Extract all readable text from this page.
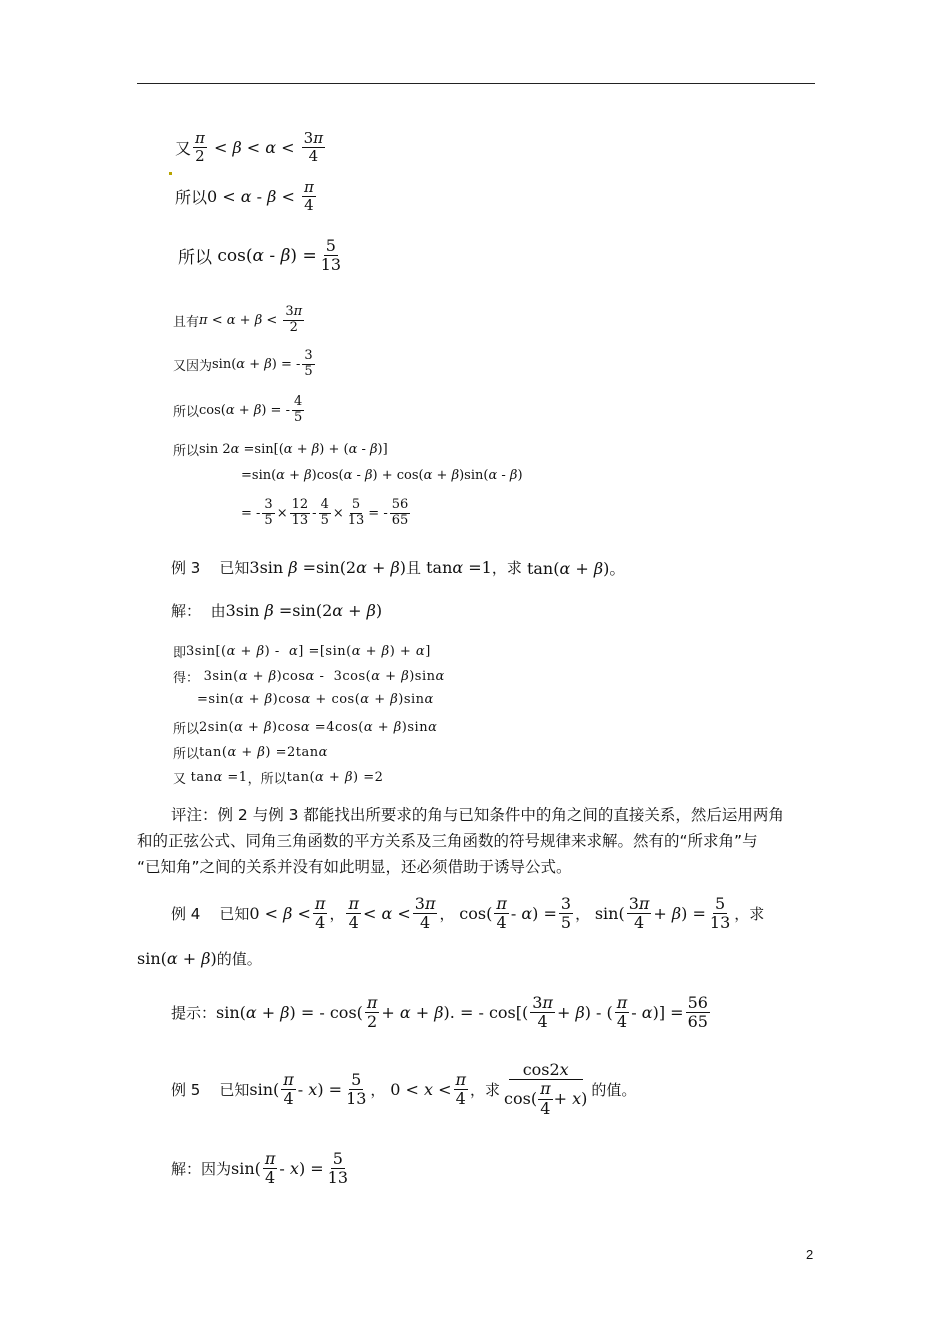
又 $\frac{\pi}{2} < \beta < \alpha < \frac{3\pi}{4}$
所以 $0 < \alpha - \beta < \frac{\pi}{4}$
所以 $\cos(\alpha - \beta) = \frac{5}{13}$
且有 $\pi < \alpha + \beta < \frac{3\pi}{2}$
又因为 sin(α + β) = - $\frac{3}{5}$
所以 cos(α + β) = - $\frac{4}{5}$
所以 sin 2α =sin[(α + β) + (α - β)]
=sin(α + β)cos(α - β) + cos(α + β)sin(α - β)
= - $\frac{3}{5} \times \frac{12}{13} - \frac{4}{5} \times \frac{5}{13}$ = - $\frac{56}{65}$
例 3
已知 3sin β =sin(2α + β) 且 tanα =1 ，求 tan(α + β)。
解：
由 3sin β =sin(2α + β)
即 3sin[(α + β) -  α] =[sin(α + β) + α]
得： 3sin(α + β)cosα -  3cos(α + β)sinα
=sin(α + β)cosα + cos(α + β)sinα
所以 2sin(α + β)cosα =4cos(α + β)sinα
所以 tan(α + β) =2tanα
又 tanα =1 ，所以 tan(α + β) =2
评注：例 2 与例 3 都能找出所要求的角与已知条件中的角之间的直接关系，然后运用两角
和的正弦公式、同角三角函数的平方关系及三角函数的符号规律来求解。然有的“所求角”与
“已知角”之间的关系并没有如此明显，还必须借助于诱导公式。
例 4
已知 $0 < \beta < \frac{\pi}{4}$ ， $\frac{\pi}{4} < \alpha < \frac{3\pi}{4}$ ， $\cos( \frac{\pi}{4} - \alpha) = \frac{3}{5}$ ， $\sin( \frac{3\pi}{4} + \beta) = \frac{5}{13}$ ，求
sin(α + β) 的值。
提示： sin(α + β) = - $\cos( \frac{\pi}{2} + \alpha + \beta)$. = - $\cos[( \frac{3\pi}{4} + \beta)$ - ( $\frac{\pi}{4} - \alpha)] = \frac{56}{65}$
例 5
已知 $\sin( \frac{\pi}{4} - x) = \frac{5}{13}$ ， $0 < x < \frac{\pi}{4}$ ，求 $\frac{\cos 2x}{\cos( \frac{\pi}{4} + x )}$ 的值。
解：因为 $\sin( \frac{\pi}{4} - x) = \frac{5}{13}$
2
